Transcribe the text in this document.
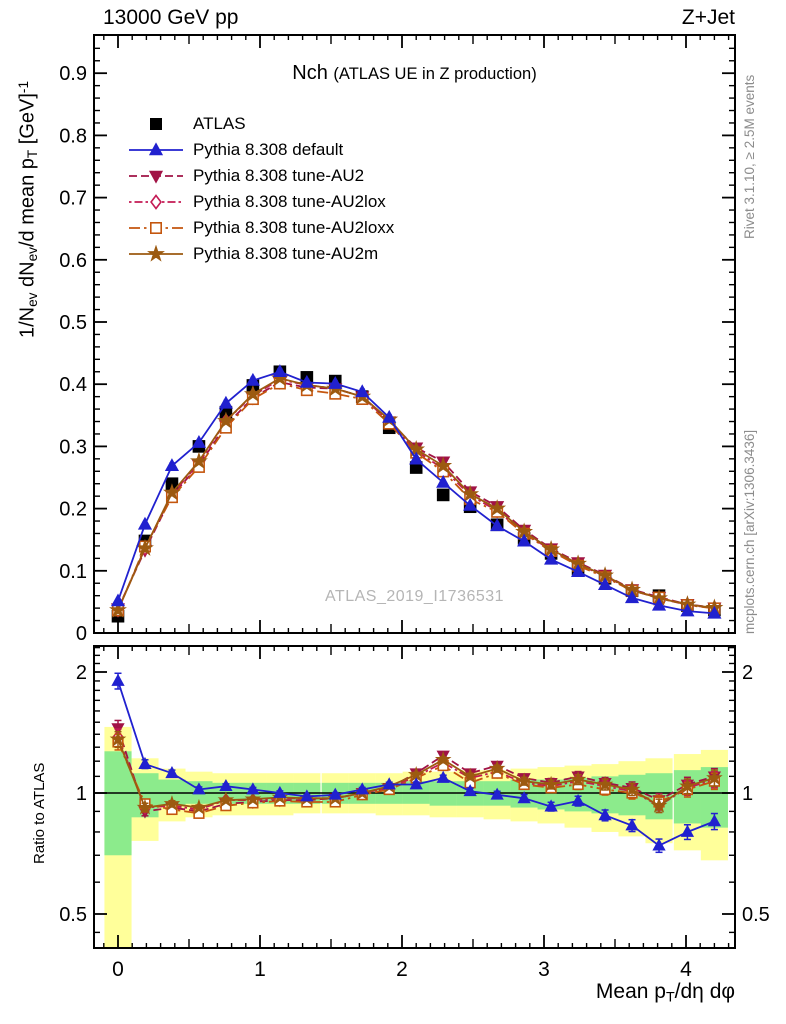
13000 GeV pp	Z+Jet
0
0.1
0.2
0.3
0.4
0.5
0.6
0.7
0.8
0.9
0.5	0.5
1	1
2	2
0	1	2	3	4
Nch (ATLAS UE in Z production)
ATLAS
Pythia 8.308 default
Pythia 8.308 tune-AU2
Pythia 8.308 tune-AU2lox
Pythia 8.308 tune-AU2loxx
Pythia 8.308 tune-AU2m
ATLAS_2019_I1736531
$1/N_{ev}$ $dN_{ev}/d$ mean $p_T$ [GeV]$^{-1}$
Ratio to ATLAS
Rivet 3.1.10, ≥ 2.5M events
mcplots.cern.ch [arXiv:1306.3436]
Mean $p_T/d\eta$ dφ
